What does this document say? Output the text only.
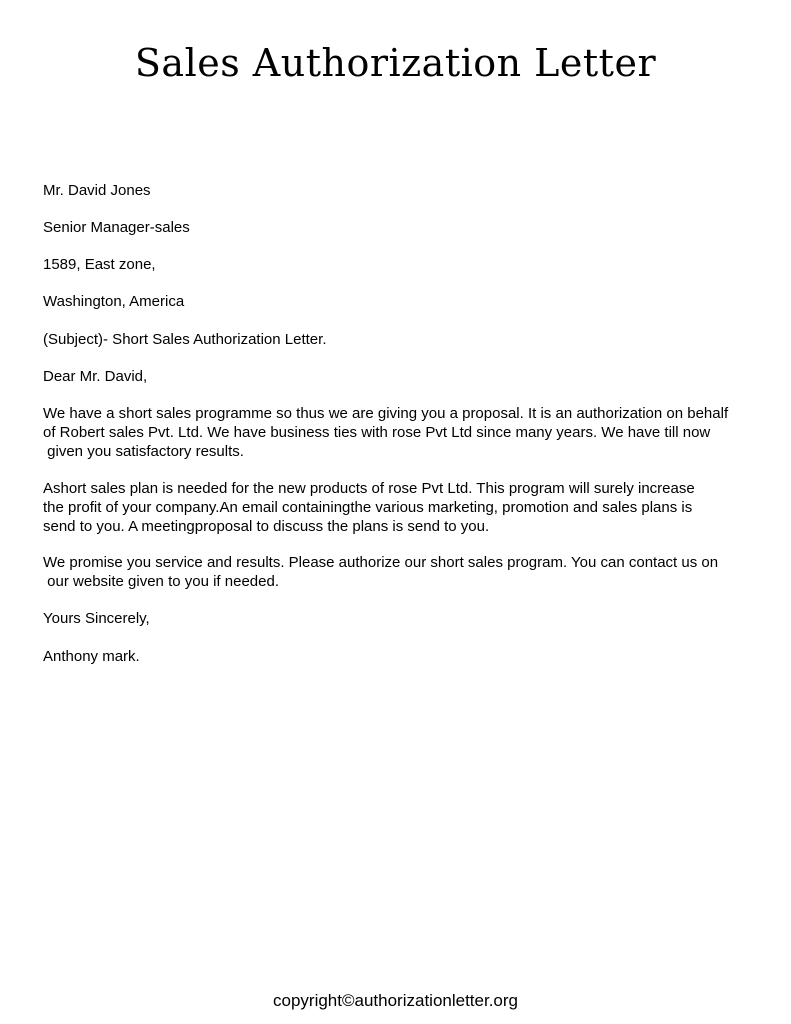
Sales Authorization Letter

Mr. David Jones

Senior Manager-sales

1589, East zone,

Washington, America

(Subject)- Short Sales Authorization Letter.

Dear Mr. David,

We have a short sales programme so thus we are giving you a proposal. It is an authorization on behalf

of Robert sales Pvt. Ltd. We have business ties with rose Pvt Ltd since many years. We have till now

given you satisfactory results.

Ashort sales plan is needed for the new products of rose Pvt Ltd. This program will surely increase

the profit of your company.An email containingthe various marketing, promotion and sales plans is

send to you. A meetingproposal to discuss the plans is send to you.

We promise you service and results. Please authorize our short sales program. You can contact us on

our website given to you if needed.

Yours Sincerely,

Anthony mark.

copyright©authorizationletter.org
